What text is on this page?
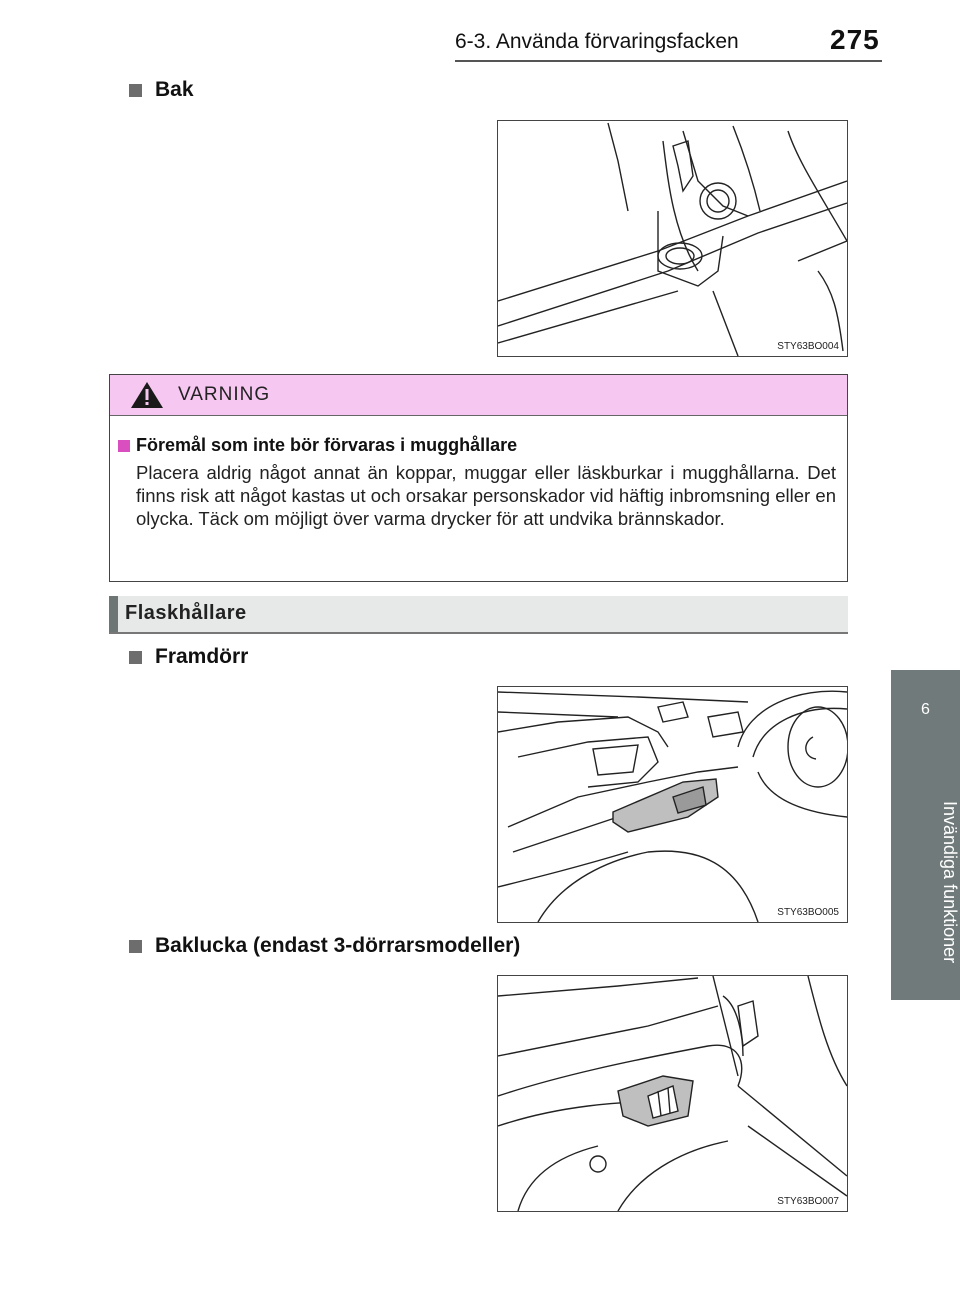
6-3. Använda förvaringsfacken	275
6
Invändiga funktioner
Bak
STY63BO004
VARNING
Föremål som inte bör förvaras i mugghållare
Placera aldrig något annat än koppar, muggar eller läskburkar i mugghållarna. Det finns risk att något kastas ut och orsakar personskador vid häftig inbromsning eller en olycka. Täck om möjligt över varma drycker för att undvika brännskador.
Flaskhållare
Framdörr
STY63BO005
Baklucka (endast 3-dörrarsmodeller)
STY63BO007
